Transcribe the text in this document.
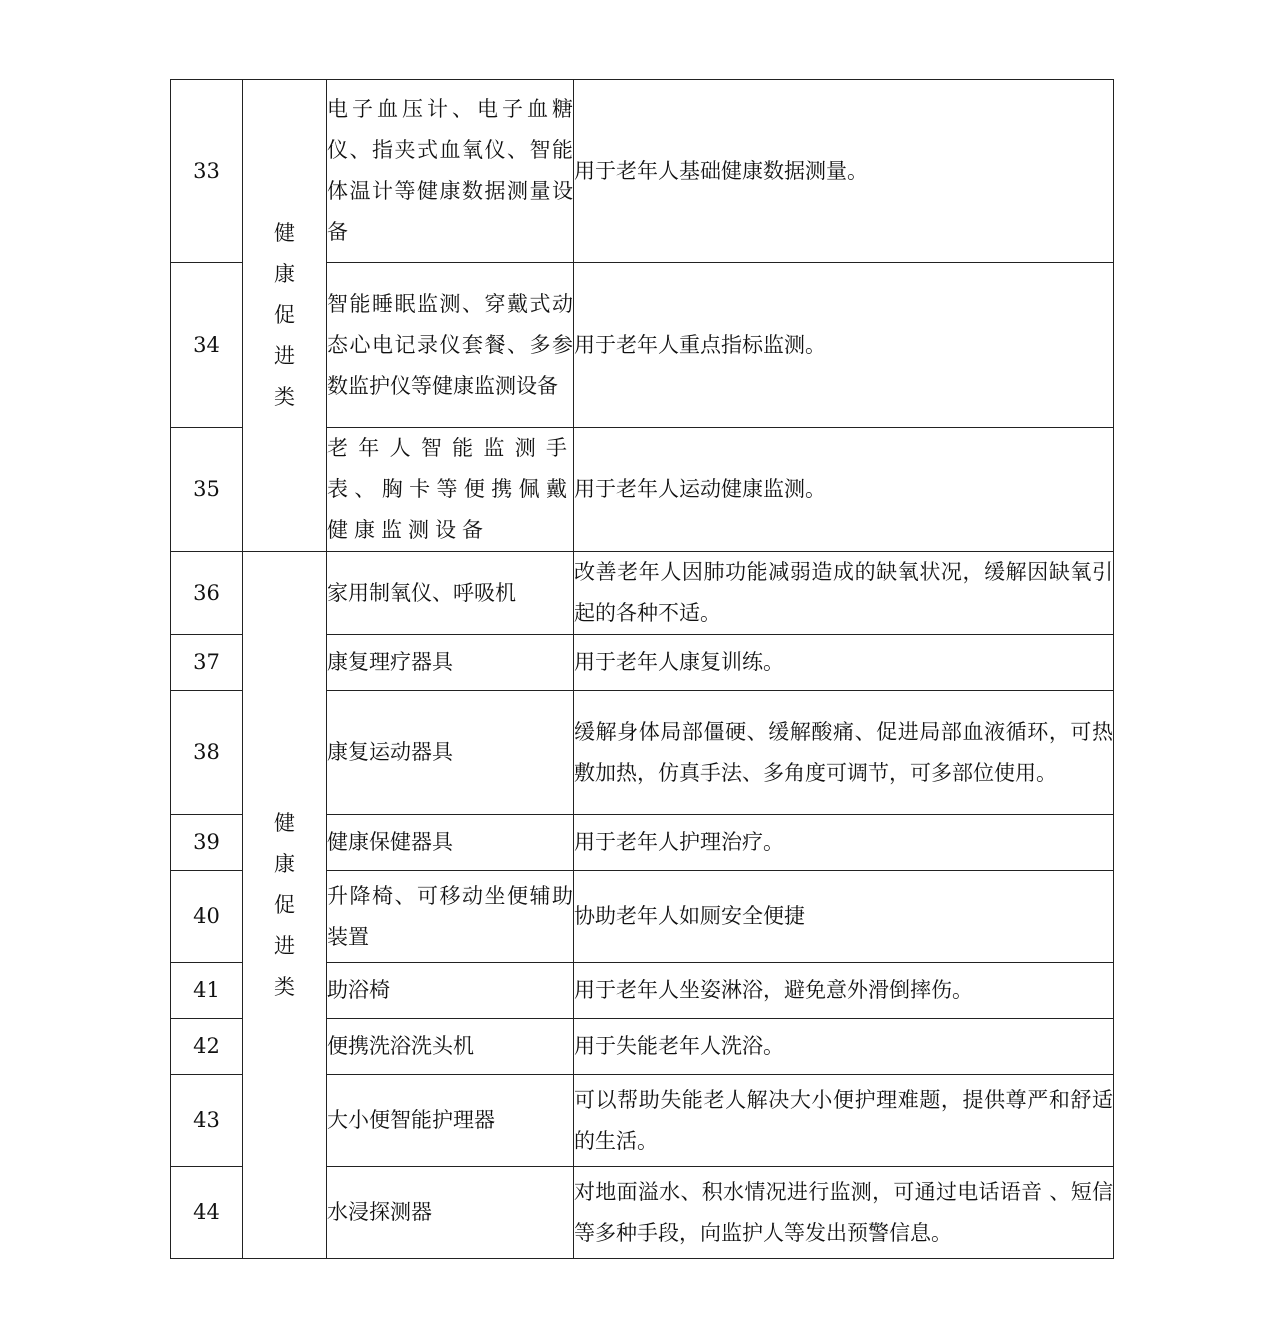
33	健康促进类	电子血压计、电子血糖仪、指夹式血氧仪、智能体温计等健康数据测量设备	用于老年人基础健康数据测量。
34		智能睡眠监测、穿戴式动态心电记录仪套餐、多参数监护仪等健康监测设备	用于老年人重点指标监测。
35		老年人智能监测手表、胸卡等便携佩戴健康监测设备	用于老年人运动健康监测。
36	健康促进类	家用制氧仪、呼吸机	改善老年人因肺功能减弱造成的缺氧状况，缓解因缺氧引起的各种不适。
37		康复理疗器具	用于老年人康复训练。
38		康复运动器具	缓解身体局部僵硬、缓解酸痛、促进局部血液循环，可热敷加热，仿真手法、多角度可调节，可多部位使用。
39		健康保健器具	用于老年人护理治疗。
40		升降椅、可移动坐便辅助装置	协助老年人如厕安全便捷
41		助浴椅	用于老年人坐姿淋浴，避免意外滑倒摔伤。
42		便携洗浴洗头机	用于失能老年人洗浴。
43		大小便智能护理器	可以帮助失能老人解决大小便护理难题，提供尊严和舒适的生活。
44		水浸探测器	对地面溢水、积水情况进行监测，可通过电话语音 、短信等多种手段，向监护人等发出预警信息。
